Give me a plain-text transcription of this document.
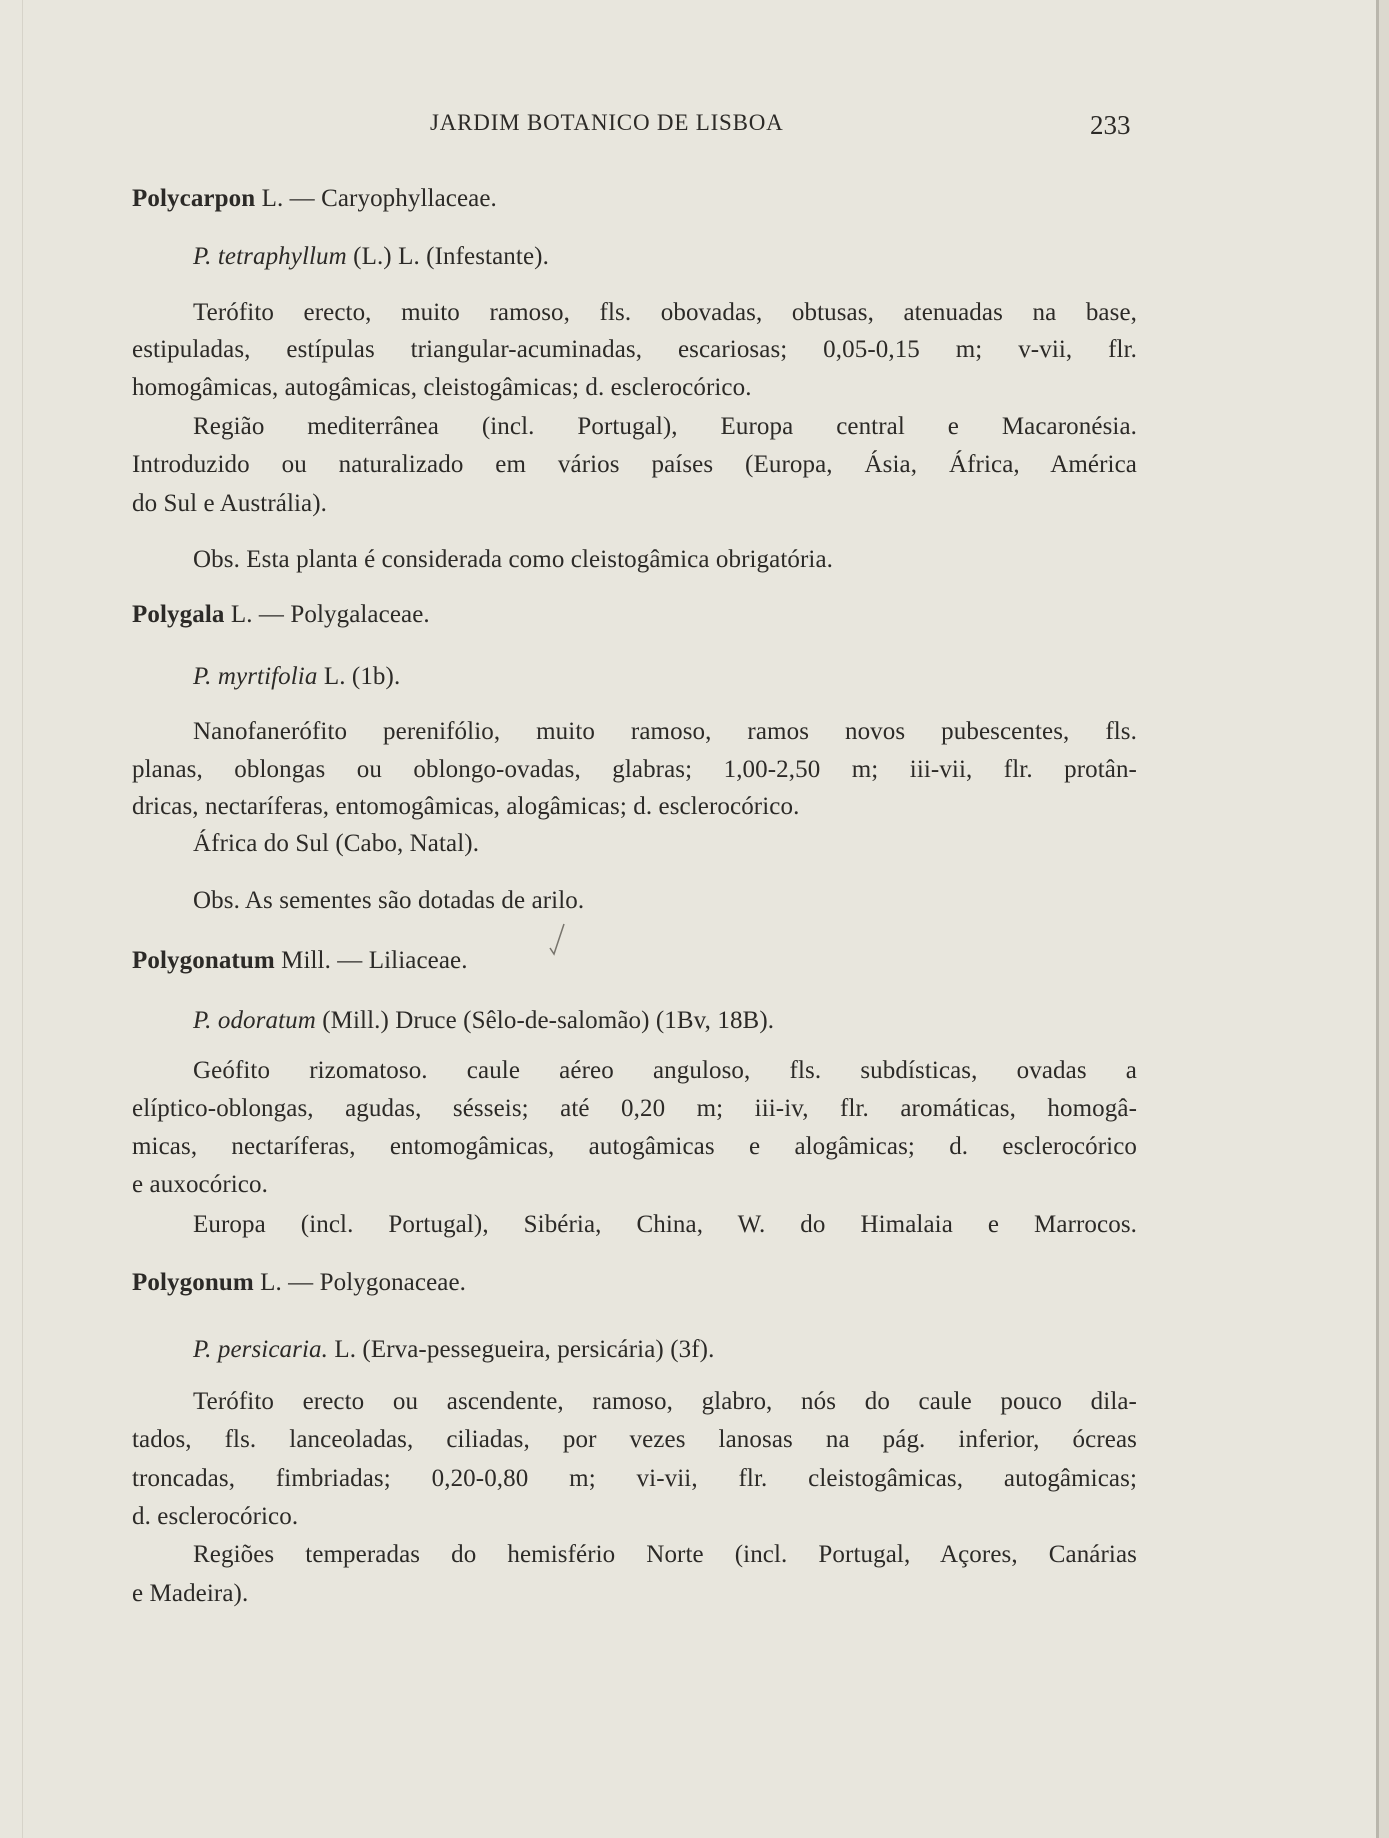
JARDIM BOTANICO DE LISBOA	233
Polycarpon L. — Caryophyllaceae.
P. tetraphyllum (L.) L. (Infestante).
Terófito erecto, muito ramoso, fls. obovadas, obtusas, atenuadas na base,
estipuladas, estípulas triangular-acuminadas, escariosas; 0,05-0,15 m; v-vii, flr.
homogâmicas, autogâmicas, cleistogâmicas; d. esclerocórico.
Região mediterrânea (incl. Portugal), Europa central e Macaronésia.
Introduzido ou naturalizado em vários países (Europa, Ásia, África, América
do Sul e Austrália).
Obs. Esta planta é considerada como cleistogâmica obrigatória.
Polygala L. — Polygalaceae.
P. myrtifolia L. (1b).
Nanofanerófito perenifólio, muito ramoso, ramos novos pubescentes, fls.
planas, oblongas ou oblongo-ovadas, glabras; 1,00-2,50 m; iii-vii, flr. protân-
dricas, nectaríferas, entomogâmicas, alogâmicas; d. esclerocórico.
África do Sul (Cabo, Natal).
Obs. As sementes são dotadas de arilo.
Polygonatum Mill. — Liliaceae.
P. odoratum (Mill.) Druce (Sêlo-de-salomão) (1Bv, 18B).
Geófito rizomatoso. caule aéreo anguloso, fls. subdísticas, ovadas a
elíptico-oblongas, agudas, sésseis; até 0,20 m; iii-iv, flr. aromáticas, homogâ-
micas, nectaríferas, entomogâmicas, autogâmicas e alogâmicas; d. esclerocórico
e auxocórico.
Europa (incl. Portugal), Sibéria, China, W. do Himalaia e Marrocos.
Polygonum L. — Polygonaceae.
P. persicaria. L. (Erva-pessegueira, persicária) (3f).
Terófito erecto ou ascendente, ramoso, glabro, nós do caule pouco dila-
tados, fls. lanceoladas, ciliadas, por vezes lanosas na pág. inferior, ócreas
troncadas, fimbriadas; 0,20-0,80 m; vi-vii, flr. cleistogâmicas, autogâmicas;
d. esclerocórico.
Regiões temperadas do hemisfério Norte (incl. Portugal, Açores, Canárias
e Madeira).
